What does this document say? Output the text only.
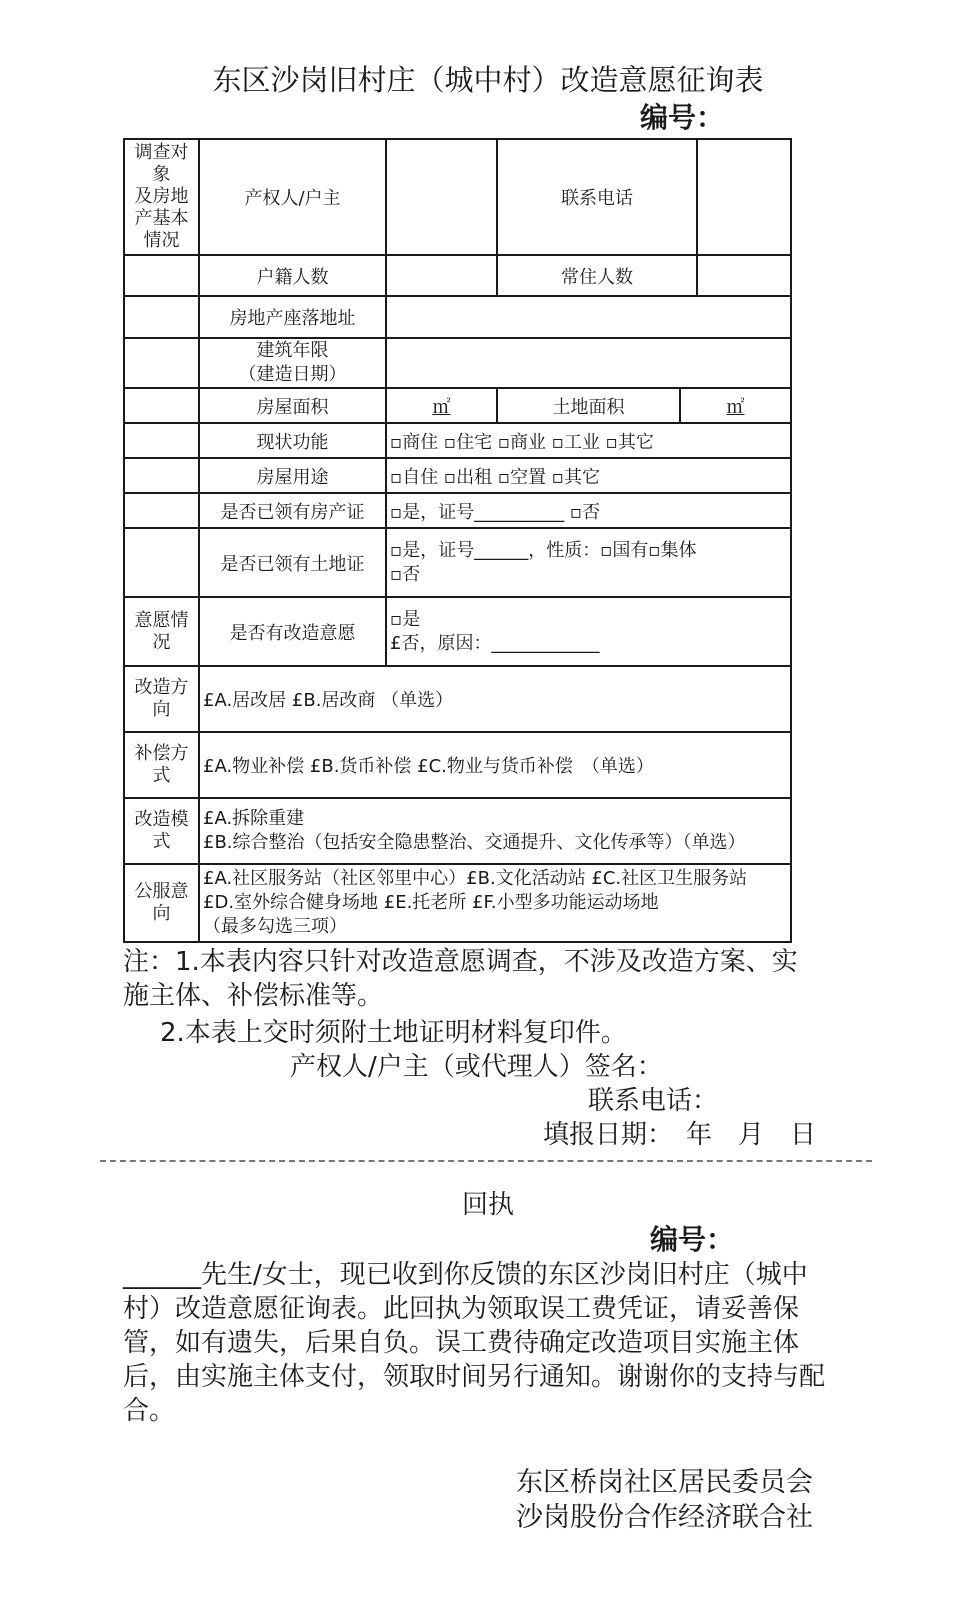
东区沙岗旧村庄（城中村）改造意愿征询表
编号：
调查对象
及房地产基本情况	产权人/户主		联系电话		
	户籍人数		常住人数		
	房地产座落地址				
	建筑年限
（建造日期）				
	房屋面积	㎡	土地面积	㎡	
	现状功能	▫商住 ▫住宅 ▫商业 ▫工业 ▫其它			
	房屋用途	▫自住 ▫出租 ▫空置 ▫其它			
	是否已领有房产证	▫是，证号__________ ▫否			
	是否已领有土地证	▫是，证号______，性质：▫国有▫集体
▫否			

意愿情况	是否有改造意愿	▫是
£否，原因：____________			

改造方向	£A.居改居 £B.居改商 （单选）				

补偿方式	£A.物业补偿 £B.货币补偿 £C.物业与货币补偿　（单选）				

改造模式	£A.拆除重建
£B.综合整治（包括安全隐患整治、交通提升、文化传承等）（单选）				

公服意向	£A.社区服务站（社区邻里中心）£B.文化活动站 £C.社区卫生服务站
£D.室外综合健身场地 £E.托老所 £F.小型多功能运动场地
（最多勾选三项）				
注：1.本表内容只针对改造意愿调查，不涉及改造方案、实施主体、补偿标准等。
2.本表上交时须附土地证明材料复印件。
产权人/户主（或代理人）签名：
联系电话：
填报日期：　年　月　日
回执
编号：
______先生/女士，现已收到你反馈的东区沙岗旧村庄（城中村）改造意愿征询表。此回执为领取误工费凭证，请妥善保管，如有遗失，后果自负。误工费待确定改造项目实施主体后，由实施主体支付，领取时间另行通知。谢谢你的支持与配合。
东区桥岗社区居民委员会
沙岗股份合作经济联合社
